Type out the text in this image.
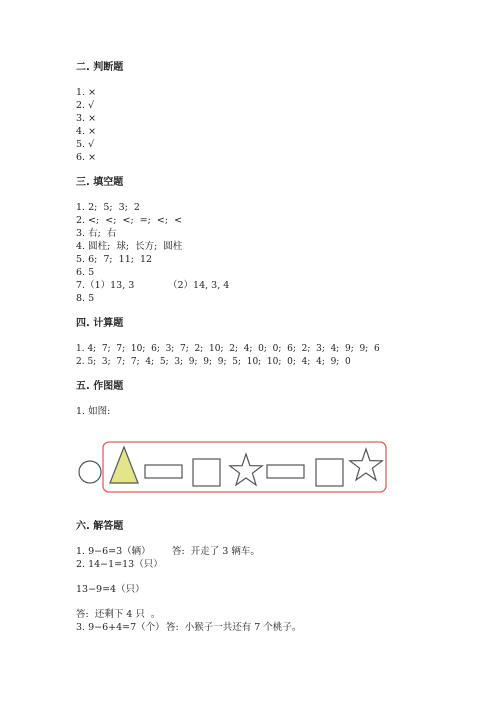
二. 判断题
1. ×
2. √
3. ×
4. ×
5. √
6. ×
三. 填空题
1. 2;  5;  3;  2
2. <;  <;  <;  =;  <;  <
3. 右;  右
4. 圆柱;  球;  长方;  圆柱
5. 6;  7;  11;  12
6. 5
7.（1）13, 3	（2）14, 3, 4
8. 5
四. 计算题
1. 4;  7;  7;  10;  6;  3;  7;  2;  10;  2;  4;  0;  0;  6;  2;  3;  4;  9;  9;  6
2. 5;  3;  7;  7;  4;  5;  3;  9;  9;  9;  5;  10;  10;  0;  4;  4;  9;  0
五. 作图题
1. 如图:
六. 解答题
1. 9−6=3（辆） 答:  开走了 3 辆车。
2. 14−1=13（只）
13−9=4（只）
答:  还剩下 4 只  。
3. 9−6+4=7（个） 答:  小猴子一共还有 7 个桃子。
